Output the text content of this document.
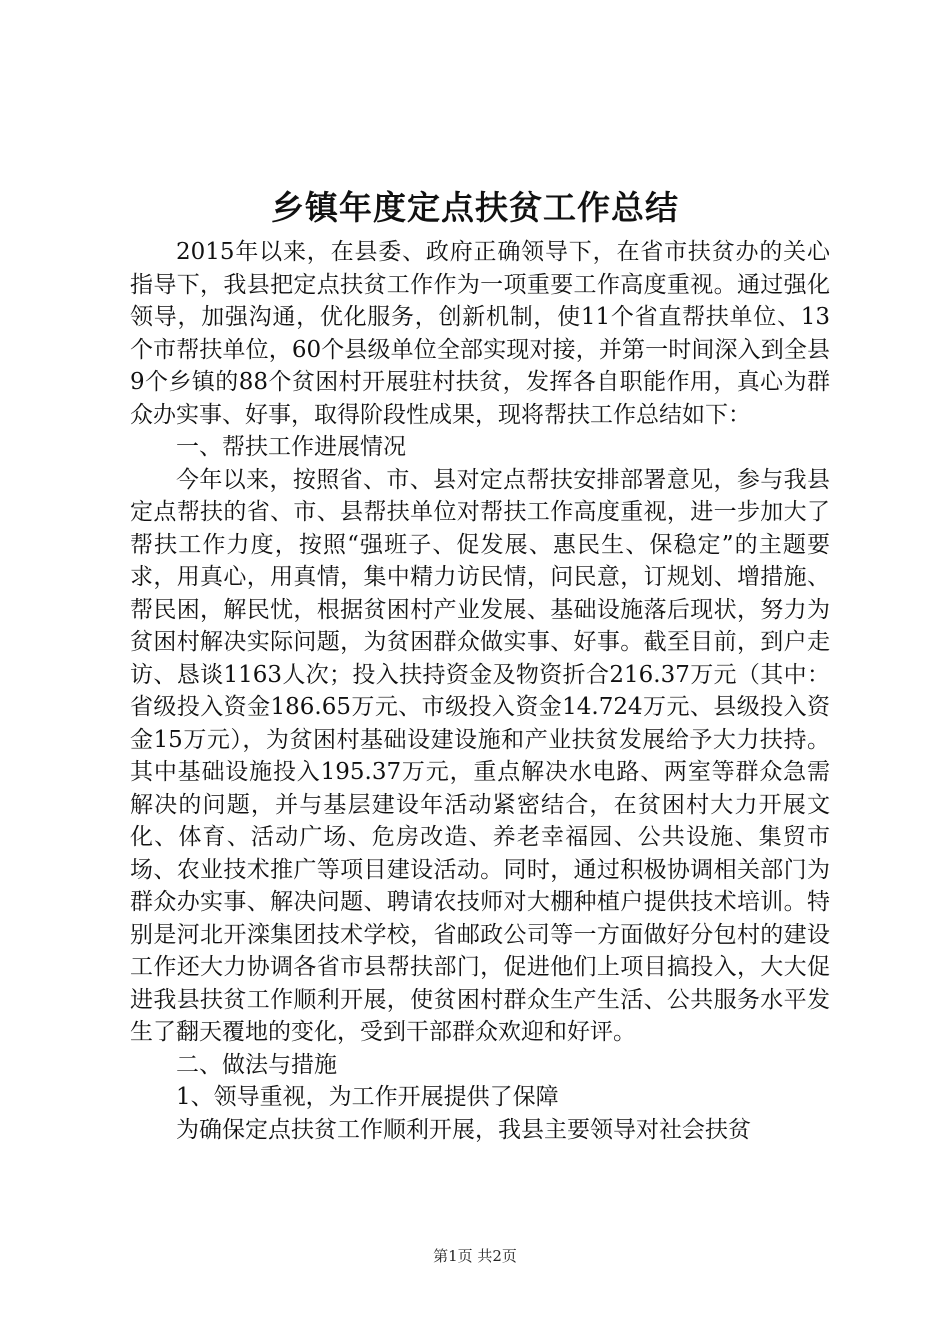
乡镇年度定点扶贫工作总结

2015年以来，在县委、政府正确领导下，在省市扶贫办的关心指导下，我县把定点扶贫工作作为一项重要工作高度重视。通过强化领导，加强沟通，优化服务，创新机制，使11个省直帮扶单位、13个市帮扶单位，60个县级单位全部实现对接，并第一时间深入到全县9个乡镇的88个贫困村开展驻村扶贫，发挥各自职能作用，真心为群众办实事、好事，取得阶段性成果，现将帮扶工作总结如下：

一、帮扶工作进展情况

今年以来，按照省、市、县对定点帮扶安排部署意见，参与我县定点帮扶的省、市、县帮扶单位对帮扶工作高度重视，进一步加大了帮扶工作力度，按照“强班子、促发展、惠民生、保稳定”的主题要求，用真心，用真情，集中精力访民情，问民意，订规划、增措施、帮民困，解民忧，根据贫困村产业发展、基础设施落后现状，努力为贫困村解决实际问题，为贫困群众做实事、好事。截至目前，到户走访、恳谈1163人次；投入扶持资金及物资折合216.37万元（其中：省级投入资金186.65万元、市级投入资金14.724万元、县级投入资金15万元），为贫困村基础设建设施和产业扶贫发展给予大力扶持。其中基础设施投入195.37万元，重点解决水电路、两室等群众急需解决的问题，并与基层建设年活动紧密结合，在贫困村大力开展文化、体育、活动广场、危房改造、养老幸福园、公共设施、集贸市场、农业技术推广等项目建设活动。同时，通过积极协调相关部门为群众办实事、解决问题、聘请农技师对大棚种植户提供技术培训。特别是河北开滦集团技术学校，省邮政公司等一方面做好分包村的建设工作还大力协调各省市县帮扶部门，促进他们上项目搞投入，大大促进我县扶贫工作顺利开展，使贫困村群众生产生活、公共服务水平发生了翻天覆地的变化，受到干部群众欢迎和好评。

二、做法与措施

1、领导重视，为工作开展提供了保障

为确保定点扶贫工作顺利开展，我县主要领导对社会扶贫

第1页 共2页
